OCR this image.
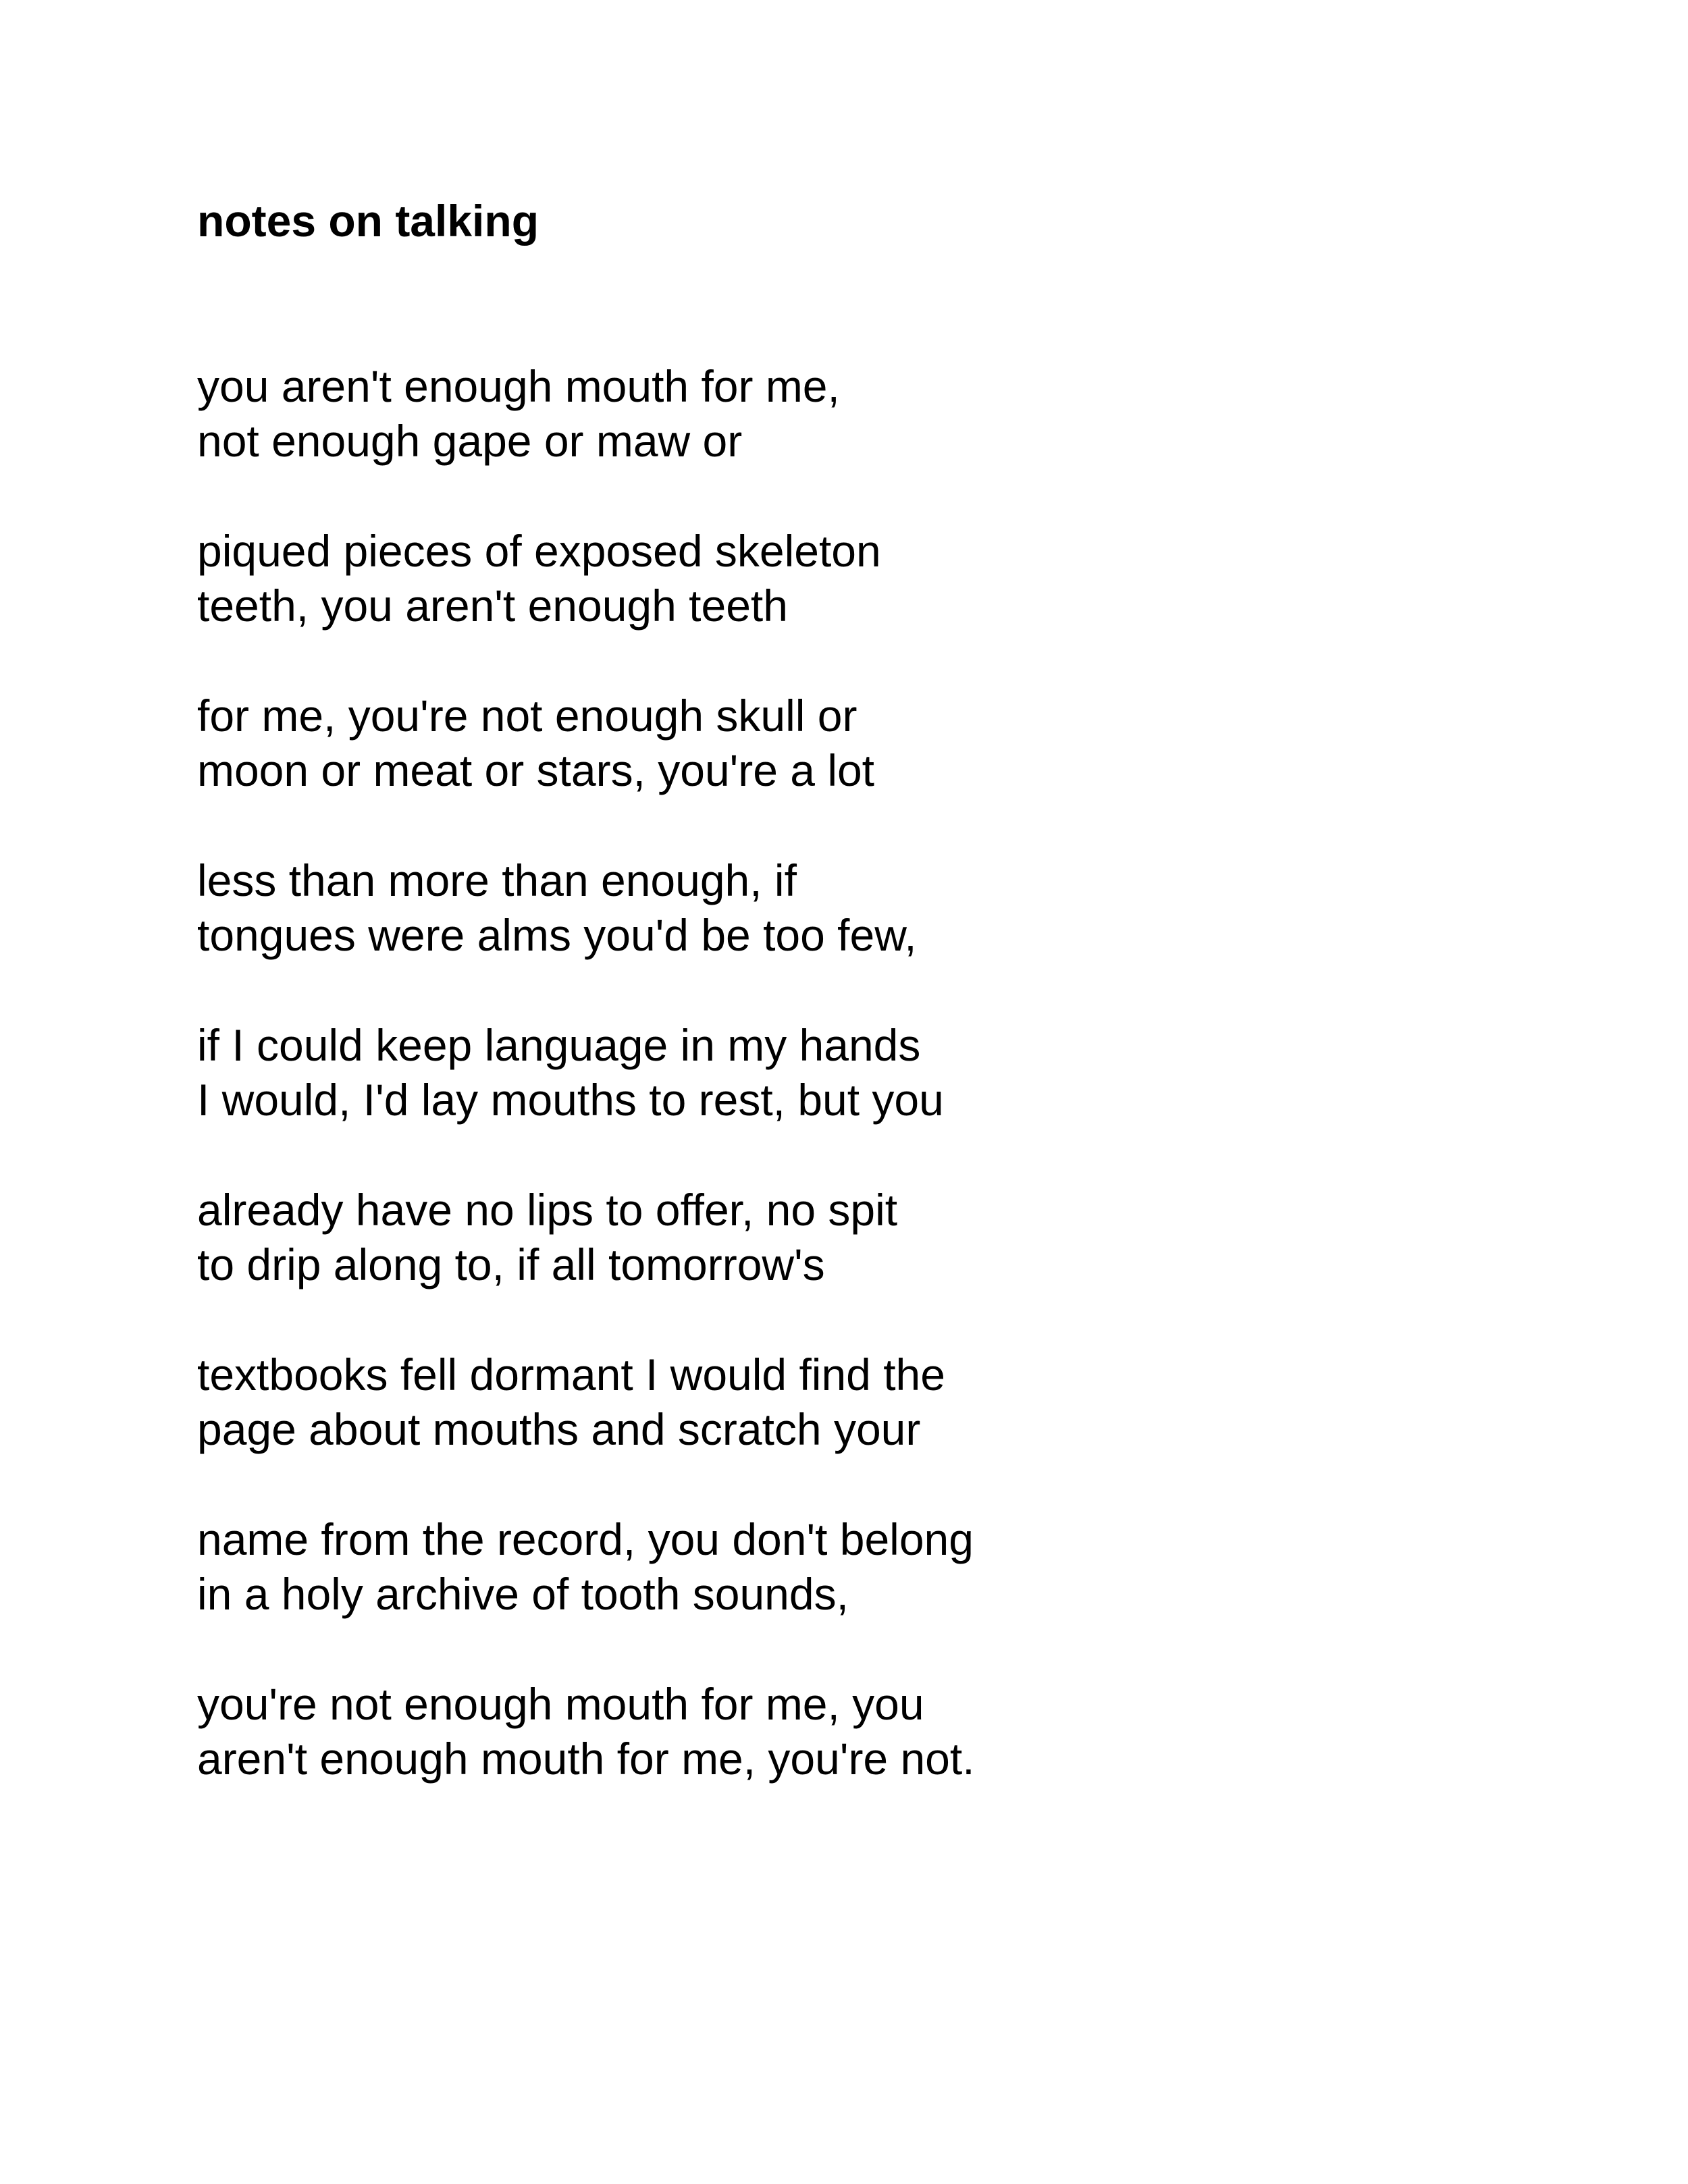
notes on talking
you aren't enough mouth for me,
not enough gape or maw or
piqued pieces of exposed skeleton
teeth, you aren't enough teeth
for me, you're not enough skull or
moon or meat or stars, you're a lot
less than more than enough, if
tongues were alms you'd be too few,
if I could keep language in my hands
I would, I'd lay mouths to rest, but you
already have no lips to offer, no spit
to drip along to, if all tomorrow's
textbooks fell dormant I would find the
page about mouths and scratch your
name from the record, you don't belong
in a holy archive of tooth sounds,
you're not enough mouth for me, you
aren't enough mouth for me, you're not.
